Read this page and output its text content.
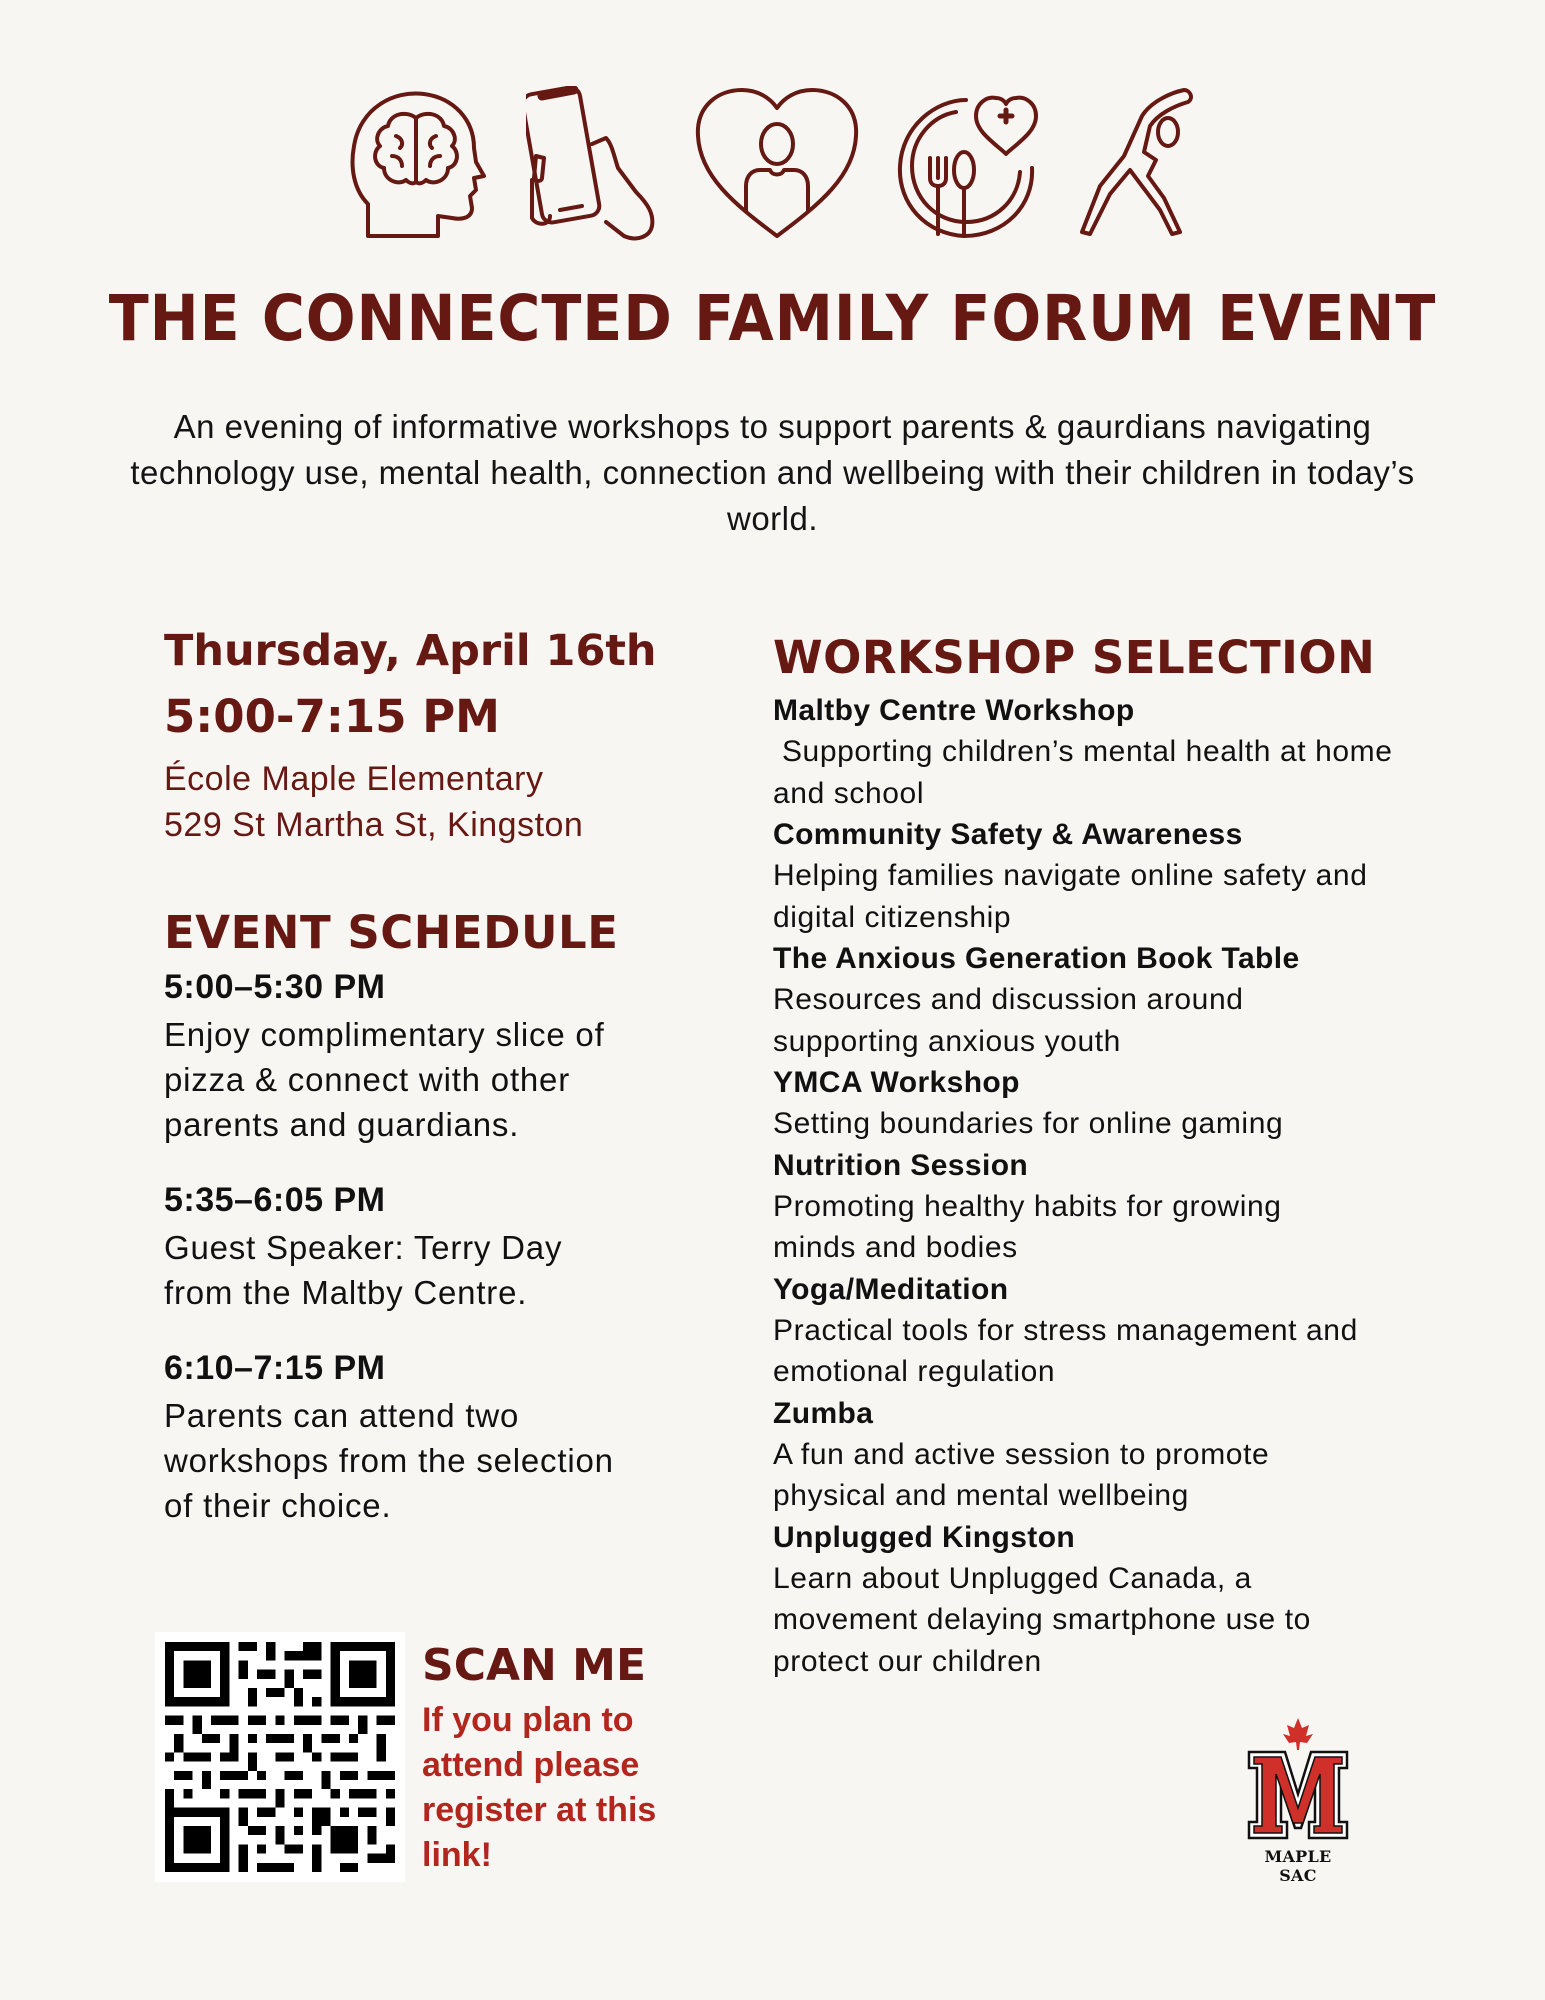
THE CONNECTED FAMILY FORUM EVENT
An evening of informative workshops to support parents & gaurdians navigating technology use, mental health, connection and wellbeing with their children in today’s world.
Thursday, April 16th
5:00-7:15 PM
École Maple Elementary
529 St Martha St, Kingston
EVENT SCHEDULE
5:00–5:30 PM
Enjoy complimentary slice of pizza & connect with other parents and guardians.
5:35–6:05 PM
Guest Speaker: Terry Day from the Maltby Centre.
6:10–7:15 PM
Parents can attend two workshops from the selection of their choice.
WORKSHOP SELECTION
Maltby Centre Workshop
Supporting children’s mental health at home and school
Community Safety & Awareness
Helping families navigate online safety and digital citizenship
The Anxious Generation Book Table
Resources and discussion around supporting anxious youth
YMCA Workshop
Setting boundaries for online gaming
Nutrition Session
Promoting healthy habits for growing minds and bodies
Yoga/Meditation
Practical tools for stress management and emotional regulation
Zumba
A fun and active session to promote physical and mental wellbeing
Unplugged Kingston
Learn about Unplugged Canada, a movement delaying smartphone use to protect our children
SCAN ME
If you plan to attend please register at this link!	MAPLE SAC
